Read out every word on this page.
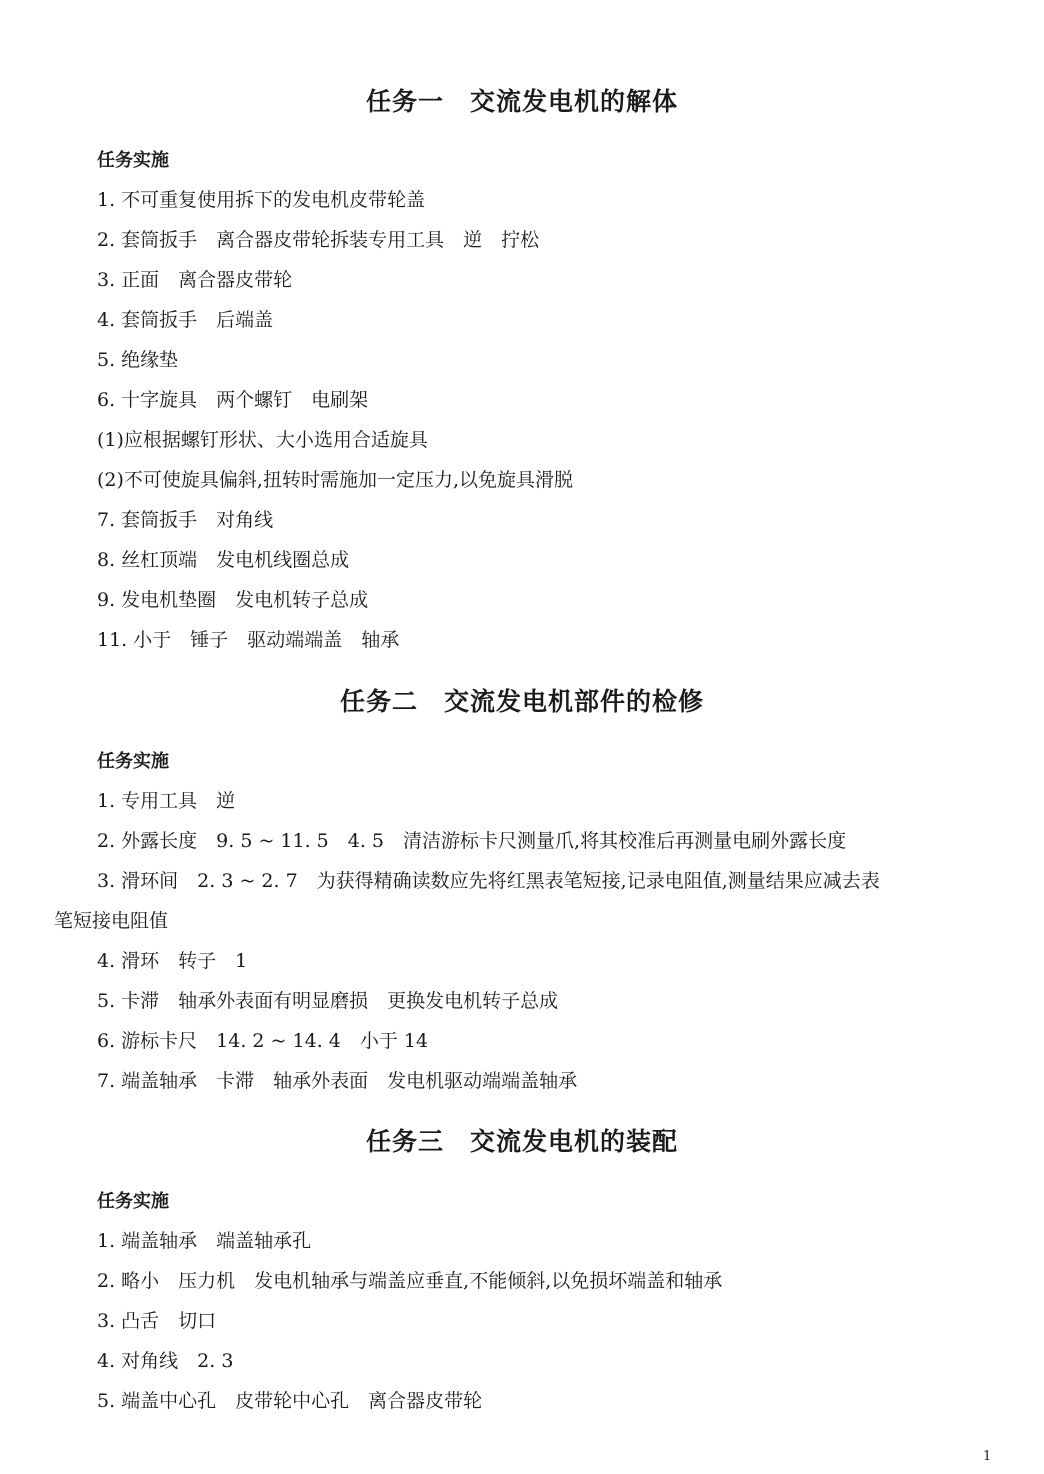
任务一　交流发电机的解体
任务实施

1. 不可重复使用拆下的发电机皮带轮盖

2. 套筒扳手　离合器皮带轮拆装专用工具　逆　拧松

3. 正面　离合器皮带轮

4. 套筒扳手　后端盖

5. 绝缘垫

6. 十字旋具　两个螺钉　电刷架

(1)应根据螺钉形状、大小选用合适旋具

(2)不可使旋具偏斜,扭转时需施加一定压力,以免旋具滑脱

7. 套筒扳手　对角线

8. 丝杠顶端　发电机线圈总成

9. 发电机垫圈　发电机转子总成

11. 小于　锤子　驱动端端盖　轴承

任务二　交流发电机部件的检修
任务实施

1. 专用工具　逆

2. 外露长度　9. 5 ~ 11. 5　4. 5　清洁游标卡尺测量爪,将其校准后再测量电刷外露长度

3. 滑环间　2. 3 ~ 2. 7　为获得精确读数应先将红黑表笔短接,记录电阻值,测量结果应减去表

笔短接电阻值

4. 滑环　转子　1

5. 卡滞　轴承外表面有明显磨损　更换发电机转子总成

6. 游标卡尺　14. 2 ~ 14. 4　小于 14

7. 端盖轴承　卡滞　轴承外表面　发电机驱动端端盖轴承

任务三　交流发电机的装配
任务实施

1. 端盖轴承　端盖轴承孔

2. 略小　压力机　发电机轴承与端盖应垂直,不能倾斜,以免损坏端盖和轴承

3. 凸舌　切口

4. 对角线　2. 3

5. 端盖中心孔　皮带轮中心孔　离合器皮带轮

1
